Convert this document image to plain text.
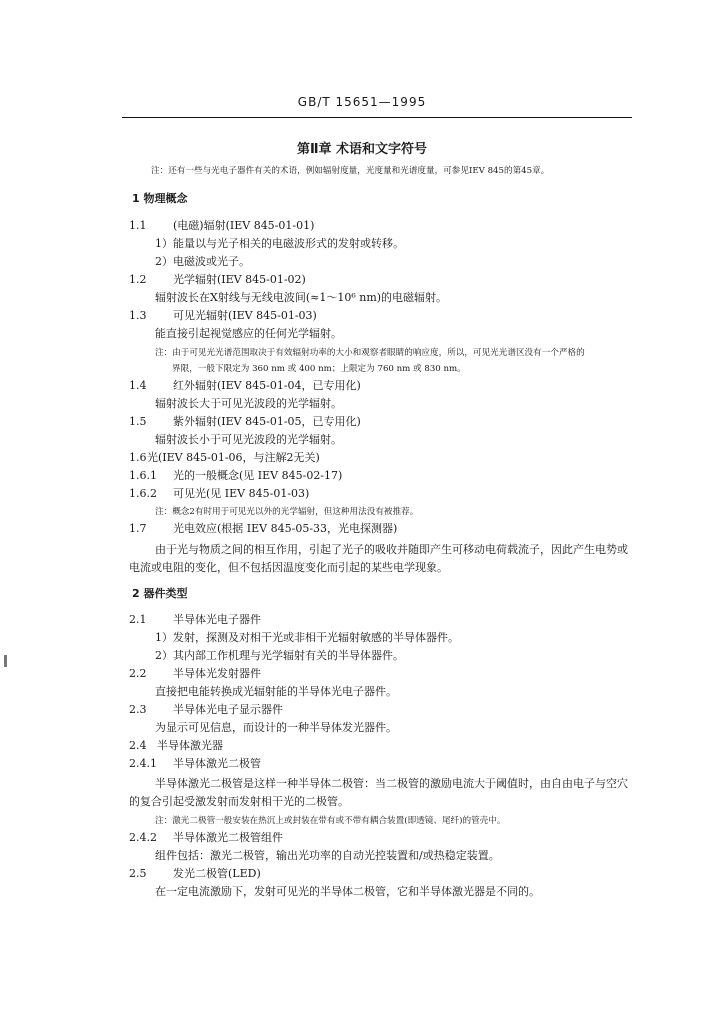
GB/T 15651—1995
第Ⅱ章 术语和文字符号
注：还有一些与光电子器件有关的术语，例如辐射度量，光度量和光谱度量，可参见IEV 845的第45章。
1 物理概念
1.1 (电磁)辐射(IEV 845-01-01)
1）能量以与光子相关的电磁波形式的发射或转移。
2）电磁波或光子。
1.2 光学辐射(IEV 845-01-02)
辐射波长在X射线与无线电波间(≈1～10⁶ nm)的电磁辐射。
1.3 可见光辐射(IEV 845-01-03)
能直接引起视觉感应的任何光学辐射。
注：由于可见光光谱范围取决于有效辐射功率的大小和观察者眼睛的响应度，所以，可见光光谱区没有一个严格的
界限，一般下限定为 360 nm 或 400 nm；上限定为 760 nm 或 830 nm。
1.4 红外辐射(IEV 845-01-04，已专用化)
辐射波长大于可见光波段的光学辐射。
1.5 紫外辐射(IEV 845-01-05，已专用化)
辐射波长小于可见光波段的光学辐射。
1.6光(IEV 845-01-06，与注解2无关)
1.6.1 光的一般概念(见 IEV 845-02-17)
1.6.2 可见光(见 IEV 845-01-03)
注：概念2有时用于可见光以外的光学辐射，但这种用法没有被推荐。
1.7 光电效应(根据 IEV 845-05-33，光电探测器)
由于光与物质之间的相互作用，引起了光子的吸收并随即产生可移动电荷载流子，因此产生电势或
电流或电阻的变化，但不包括因温度变化而引起的某些电学现象。
2 器件类型
2.1 半导体光电子器件
1）发射，探测及对相干光或非相干光辐射敏感的半导体器件。
2）其内部工作机理与光学辐射有关的半导体器件。
2.2 半导体光发射器件
直接把电能转换成光辐射能的半导体光电子器件。
2.3 半导体光电子显示器件
为显示可见信息，而设计的一种半导体发光器件。
2.4 半导体激光器
2.4.1 半导体激光二极管
半导体激光二极管是这样一种半导体二极管：当二极管的激励电流大于阈值时，由自由电子与空穴
的复合引起受激发射而发射相干光的二极管。
注：激光二极管一般安装在热沉上或封装在带有或不带有耦合装置(即透镜、尾纤)的管壳中。
2.4.2 半导体激光二极管组件
组件包括：激光二极管，输出光功率的自动光控装置和/或热稳定装置。
2.5 发光二极管(LED)
在一定电流激励下，发射可见光的半导体二极管，它和半导体激光器是不同的。
